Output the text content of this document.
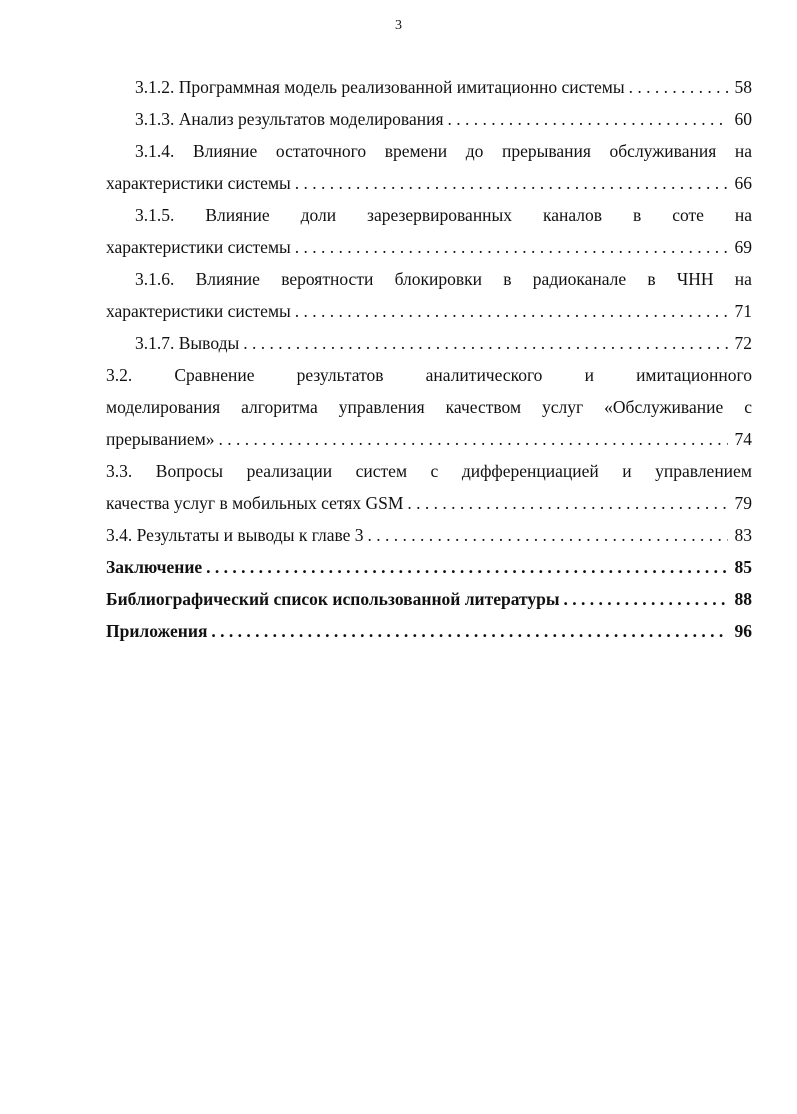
3
3.1.2. Программная модель реализованной имитационно системы . . .	58
3.1.3. Анализ результатов моделирования . . .	60
3.1.4. Влияние остаточного времени до прерывания обслуживания на
характеристики системы . . .	66
3.1.5. Влияние доли зарезервированных каналов в соте на
характеристики системы . . .	69
3.1.6. Влияние вероятности блокировки в радиоканале в ЧНН на
характеристики системы . . .	71
3.1.7. Выводы . . .	72
3.2. Сравнение результатов аналитического и имитационного
моделирования алгоритма управления качеством услуг «Обслуживание с
прерыванием» . . .	74
3.3. Вопросы реализации систем с дифференциацией и управлением
качества услуг в мобильных сетях GSM . . .	79
3.4. Результаты и выводы к главе 3 . . .	83
Заключение . . .	85
Библиографический список использованной литературы . . .	88
Приложения . . .	96
